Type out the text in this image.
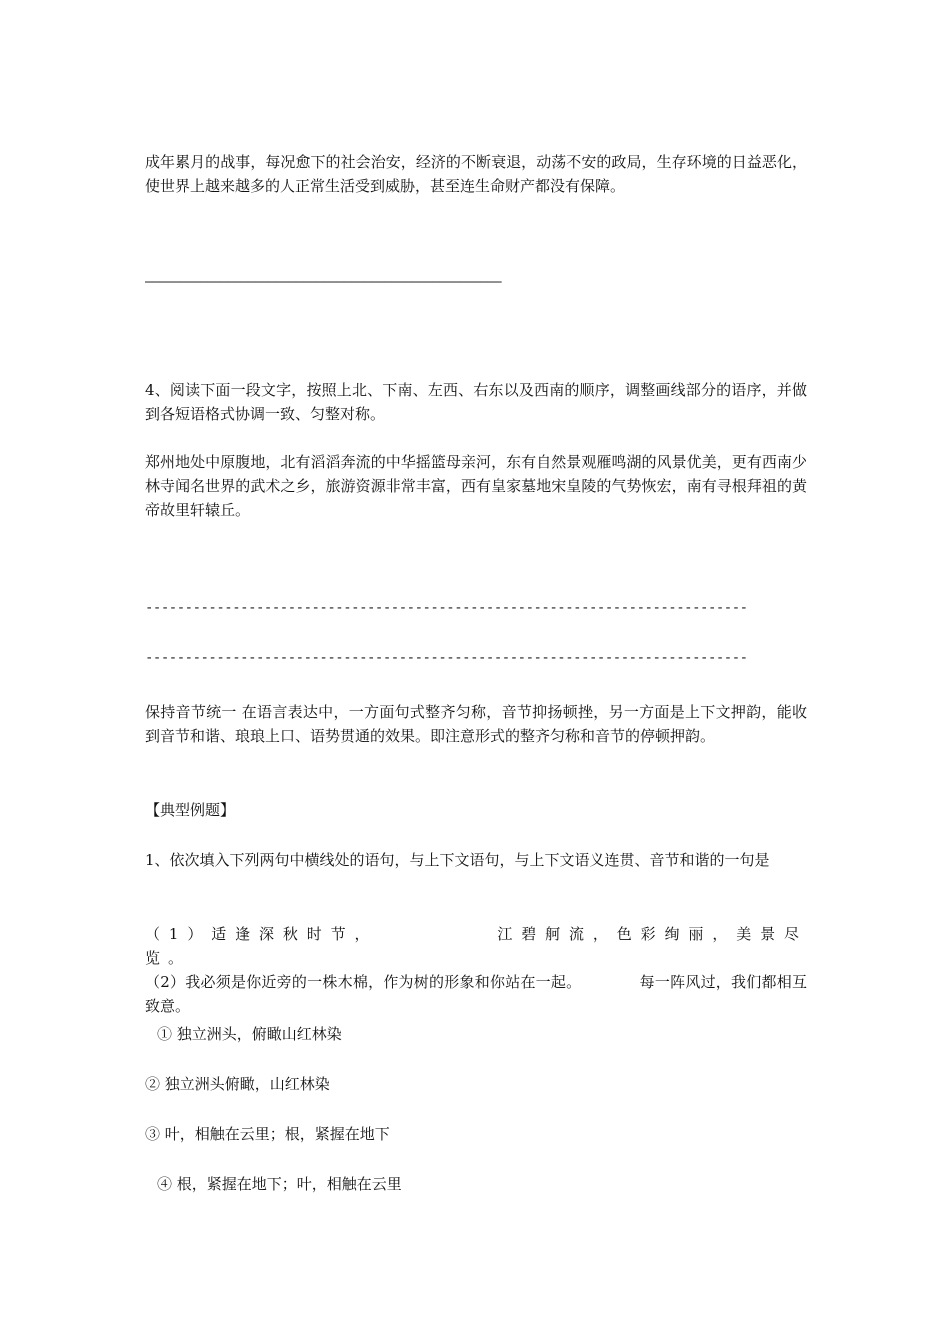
成年累月的战事，每况愈下的社会治安，经济的不断衰退，动荡不安的政局，生存环境的日益恶化，使世界上越来越多的人正常生活受到威胁，甚至连生命财产都没有保障。

————————————————————————————————————————————————————

4、阅读下面一段文字，按照上北、下南、左西、右东以及西南的顺序，调整画线部分的语序，并做到各短语格式协调一致、匀整对称。

郑州地处中原腹地，北有滔滔奔流的中华摇篮母亲河，东有自然景观雁鸣湖的风景优美，更有西南少林寺闻名世界的武术之乡，旅游资源非常丰富，西有皇家墓地宋皇陵的气势恢宏，南有寻根拜祖的黄帝故里轩辕丘。

----------------------------------------------------------------------------
----------------------------------------------------------------------------

保持音节统一 在语言表达中，一方面句式整齐匀称，音节抑扬顿挫，另一方面是上下文押韵，能收到音节和谐、琅琅上口、语势贯通的效果。即注意形式的整齐匀称和音节的停顿押韵。

【典型例题】

1、依次填入下列两句中横线处的语句，与上下文语句，与上下文语义连贯、音节和谐的一句是

（1）适逢深秋时节，	江碧舸流，色彩绚丽，美景尽览。
（2）我必须是你近旁的一株木棉，作为树的形象和你站在一起。	每一阵风过，我们都相互致意。

① 独立洲头，俯瞰山红林染

② 独立洲头俯瞰，山红林染

③ 叶，相触在云里；根，紧握在地下

④ 根，紧握在地下；叶，相触在云里
